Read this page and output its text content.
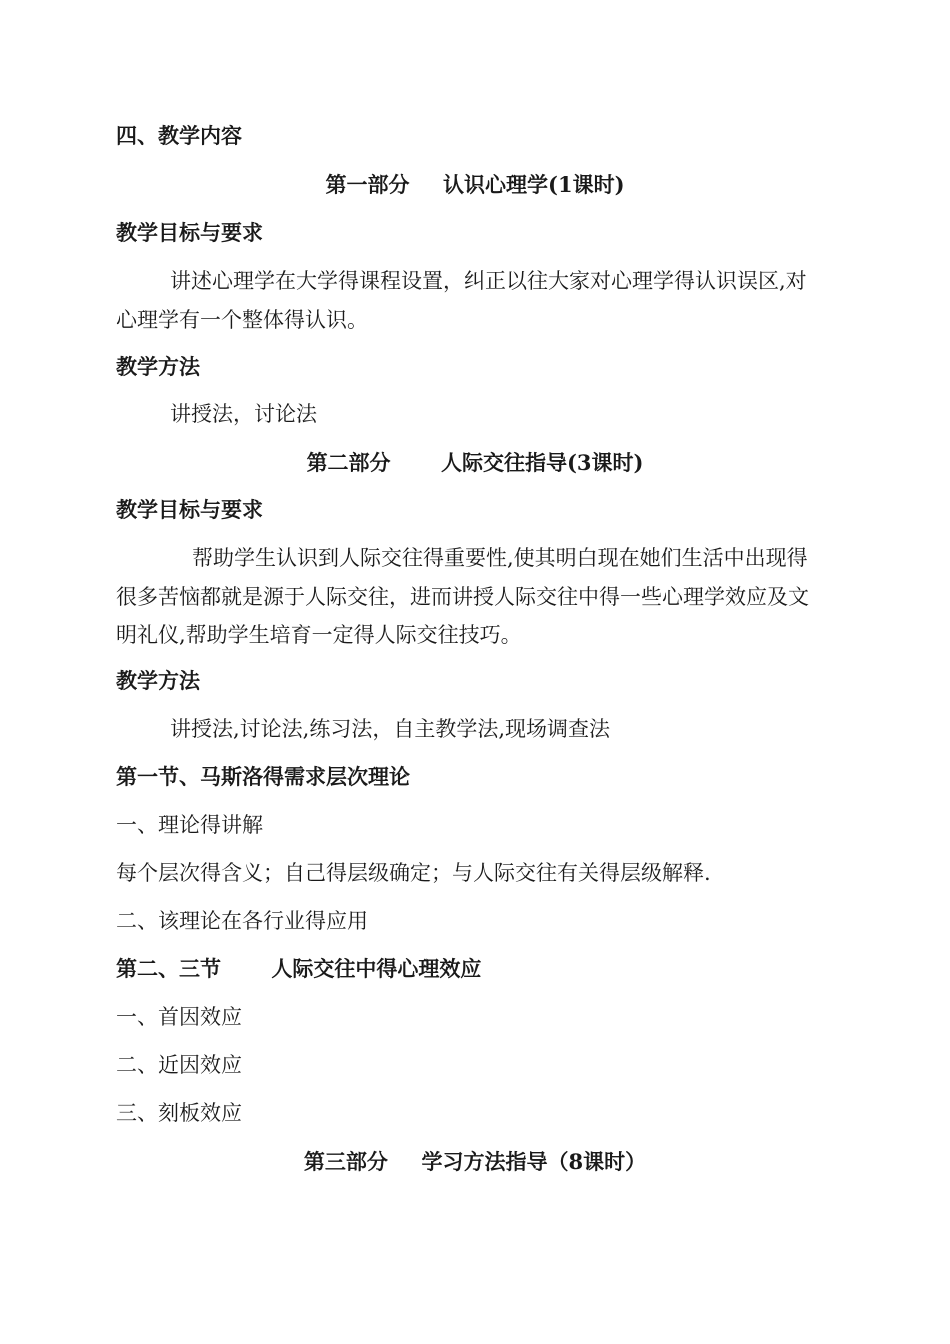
四、教学内容
第一部分 认识心理学(1课时)
教学目标与要求
讲述心理学在大学得课程设置，纠正以往大家对心理学得认识误区,对
心理学有一个整体得认识。
教学方法
讲授法，讨论法
第二部分 人际交往指导(3课时)
教学目标与要求
帮助学生认识到人际交往得重要性,使其明白现在她们生活中出现得
很多苦恼都就是源于人际交往，进而讲授人际交往中得一些心理学效应及文
明礼仪,帮助学生培育一定得人际交往技巧。
教学方法
讲授法,讨论法,练习法，自主教学法,现场调查法
第一节、马斯洛得需求层次理论
一、理论得讲解
每个层次得含义；自己得层级确定；与人际交往有关得层级解释.
二、该理论在各行业得应用
第二、三节 人际交往中得心理效应
一、首因效应
二、近因效应
三、刻板效应
第三部分 学习方法指导（8课时）
